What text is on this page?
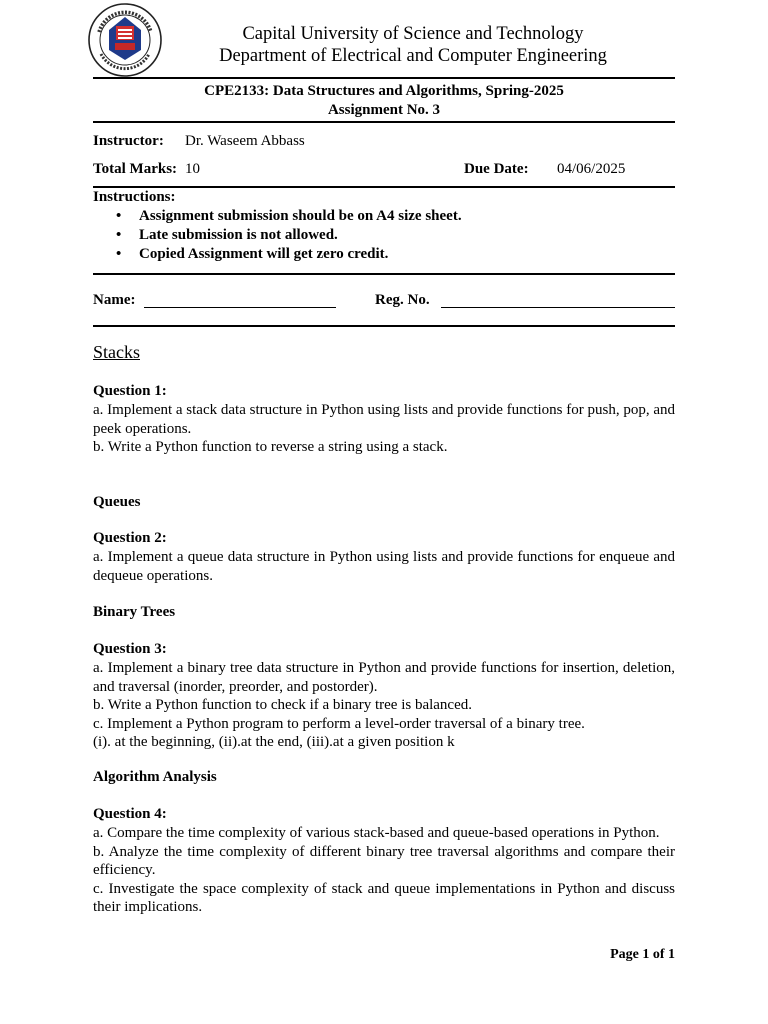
Capital University of Science and Technology
Department of Electrical and Computer Engineering
CPE2133: Data Structures and Algorithms, Spring-2025
Assignment No. 3
Instructor: Dr. Waseem Abbass
Total Marks: 10	Due Date: 04/06/2025
Instructions:
• Assignment submission should be on A4 size sheet.
• Late submission is not allowed.
• Copied Assignment will get zero credit.
Name:	Reg. No.
Stacks
Question 1:

a. Implement a stack data structure in Python using lists and provide functions for push, pop, and peek operations.

b. Write a Python function to reverse a string using a stack.

Queues
Question 2:

a. Implement a queue data structure in Python using lists and provide functions for enqueue and dequeue operations.

Binary Trees
Question 3:

a. Implement a binary tree data structure in Python and provide functions for insertion, deletion, and traversal (inorder, preorder, and postorder).

b. Write a Python function to check if a binary tree is balanced.

c. Implement a Python program to perform a level-order traversal of a binary tree.

(i). at the beginning, (ii).at the end, (iii).at a given position k

Algorithm Analysis
Question 4:

a. Compare the time complexity of various stack-based and queue-based operations in Python.

b. Analyze the time complexity of different binary tree traversal algorithms and compare their efficiency.

c. Investigate the space complexity of stack and queue implementations in Python and discuss their implications.

Page 1 of 1
